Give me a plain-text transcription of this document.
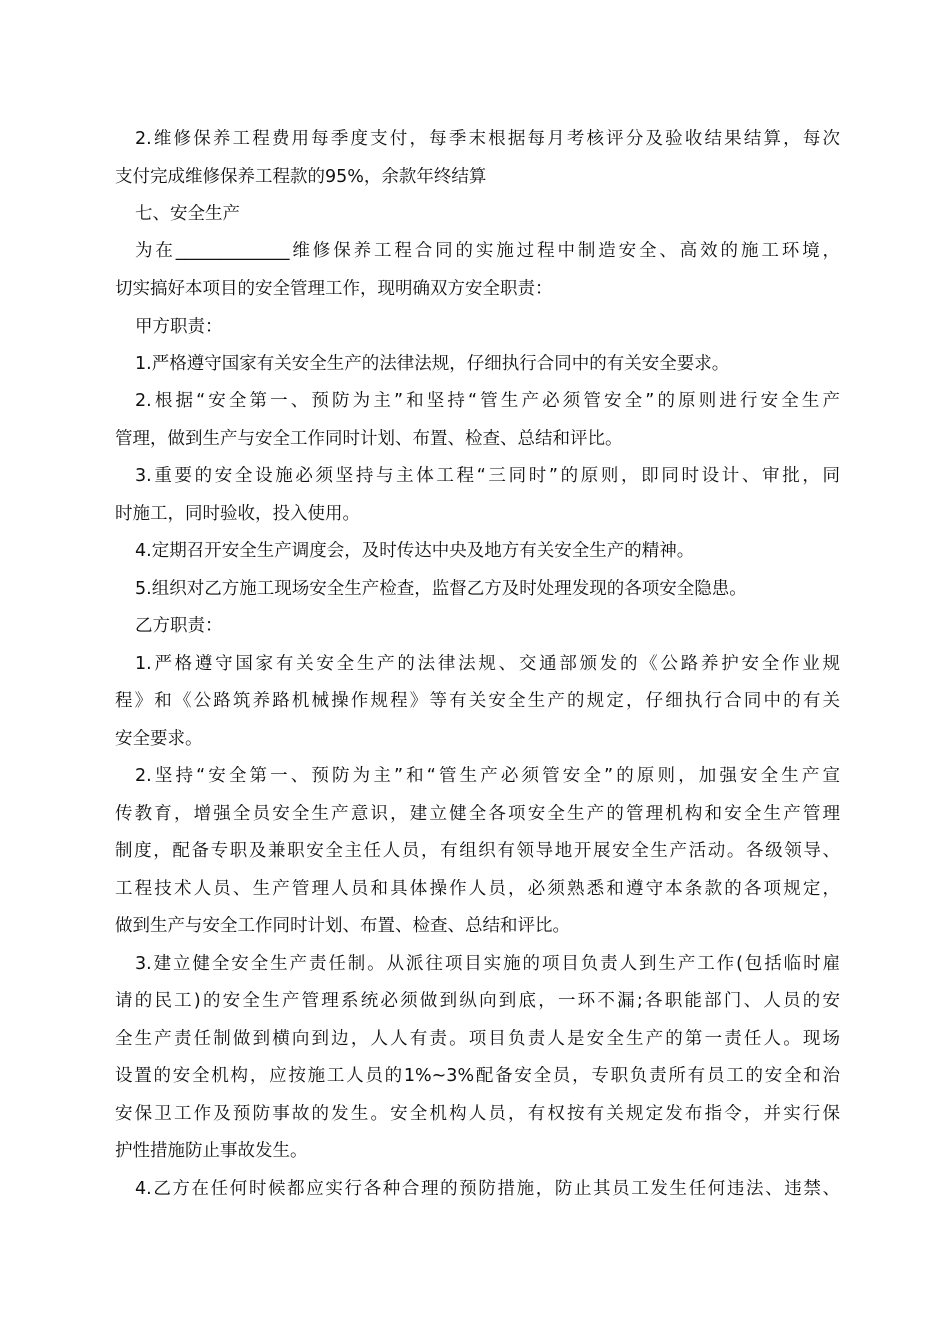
2.维修保养工程费用每季度支付，每季末根据每月考核评分及验收结果结算，每次
支付完成维修保养工程款的95%，余款年终结算
七、安全生产
为在_____________维修保养工程合同的实施过程中制造安全、高效的施工环境，
切实搞好本项目的安全管理工作，现明确双方安全职责：
甲方职责：
1.严格遵守国家有关安全生产的法律法规，仔细执行合同中的有关安全要求。
2.根据“安全第一、预防为主”和坚持“管生产必须管安全”的原则进行安全生产
管理，做到生产与安全工作同时计划、布置、检查、总结和评比。
3.重要的安全设施必须坚持与主体工程“三同时”的原则，即同时设计、审批，同
时施工，同时验收，投入使用。
4.定期召开安全生产调度会，及时传达中央及地方有关安全生产的精神。
5.组织对乙方施工现场安全生产检查，监督乙方及时处理发现的各项安全隐患。
乙方职责：
1.严格遵守国家有关安全生产的法律法规、交通部颁发的《公路养护安全作业规
程》和《公路筑养路机械操作规程》等有关安全生产的规定，仔细执行合同中的有关
安全要求。
2.坚持“安全第一、预防为主”和“管生产必须管安全”的原则，加强安全生产宣
传教育，增强全员安全生产意识，建立健全各项安全生产的管理机构和安全生产管理
制度，配备专职及兼职安全主任人员，有组织有领导地开展安全生产活动。各级领导、
工程技术人员、生产管理人员和具体操作人员，必须熟悉和遵守本条款的各项规定，
做到生产与安全工作同时计划、布置、检查、总结和评比。
3.建立健全安全生产责任制。从派往项目实施的项目负责人到生产工作(包括临时雇
请的民工)的安全生产管理系统必须做到纵向到底，一环不漏;各职能部门、人员的安
全生产责任制做到横向到边，人人有责。项目负责人是安全生产的第一责任人。现场
设置的安全机构，应按施工人员的1%~3%配备安全员，专职负责所有员工的安全和治
安保卫工作及预防事故的发生。安全机构人员，有权按有关规定发布指令，并实行保
护性措施防止事故发生。
4.乙方在任何时候都应实行各种合理的预防措施，防止其员工发生任何违法、违禁、
